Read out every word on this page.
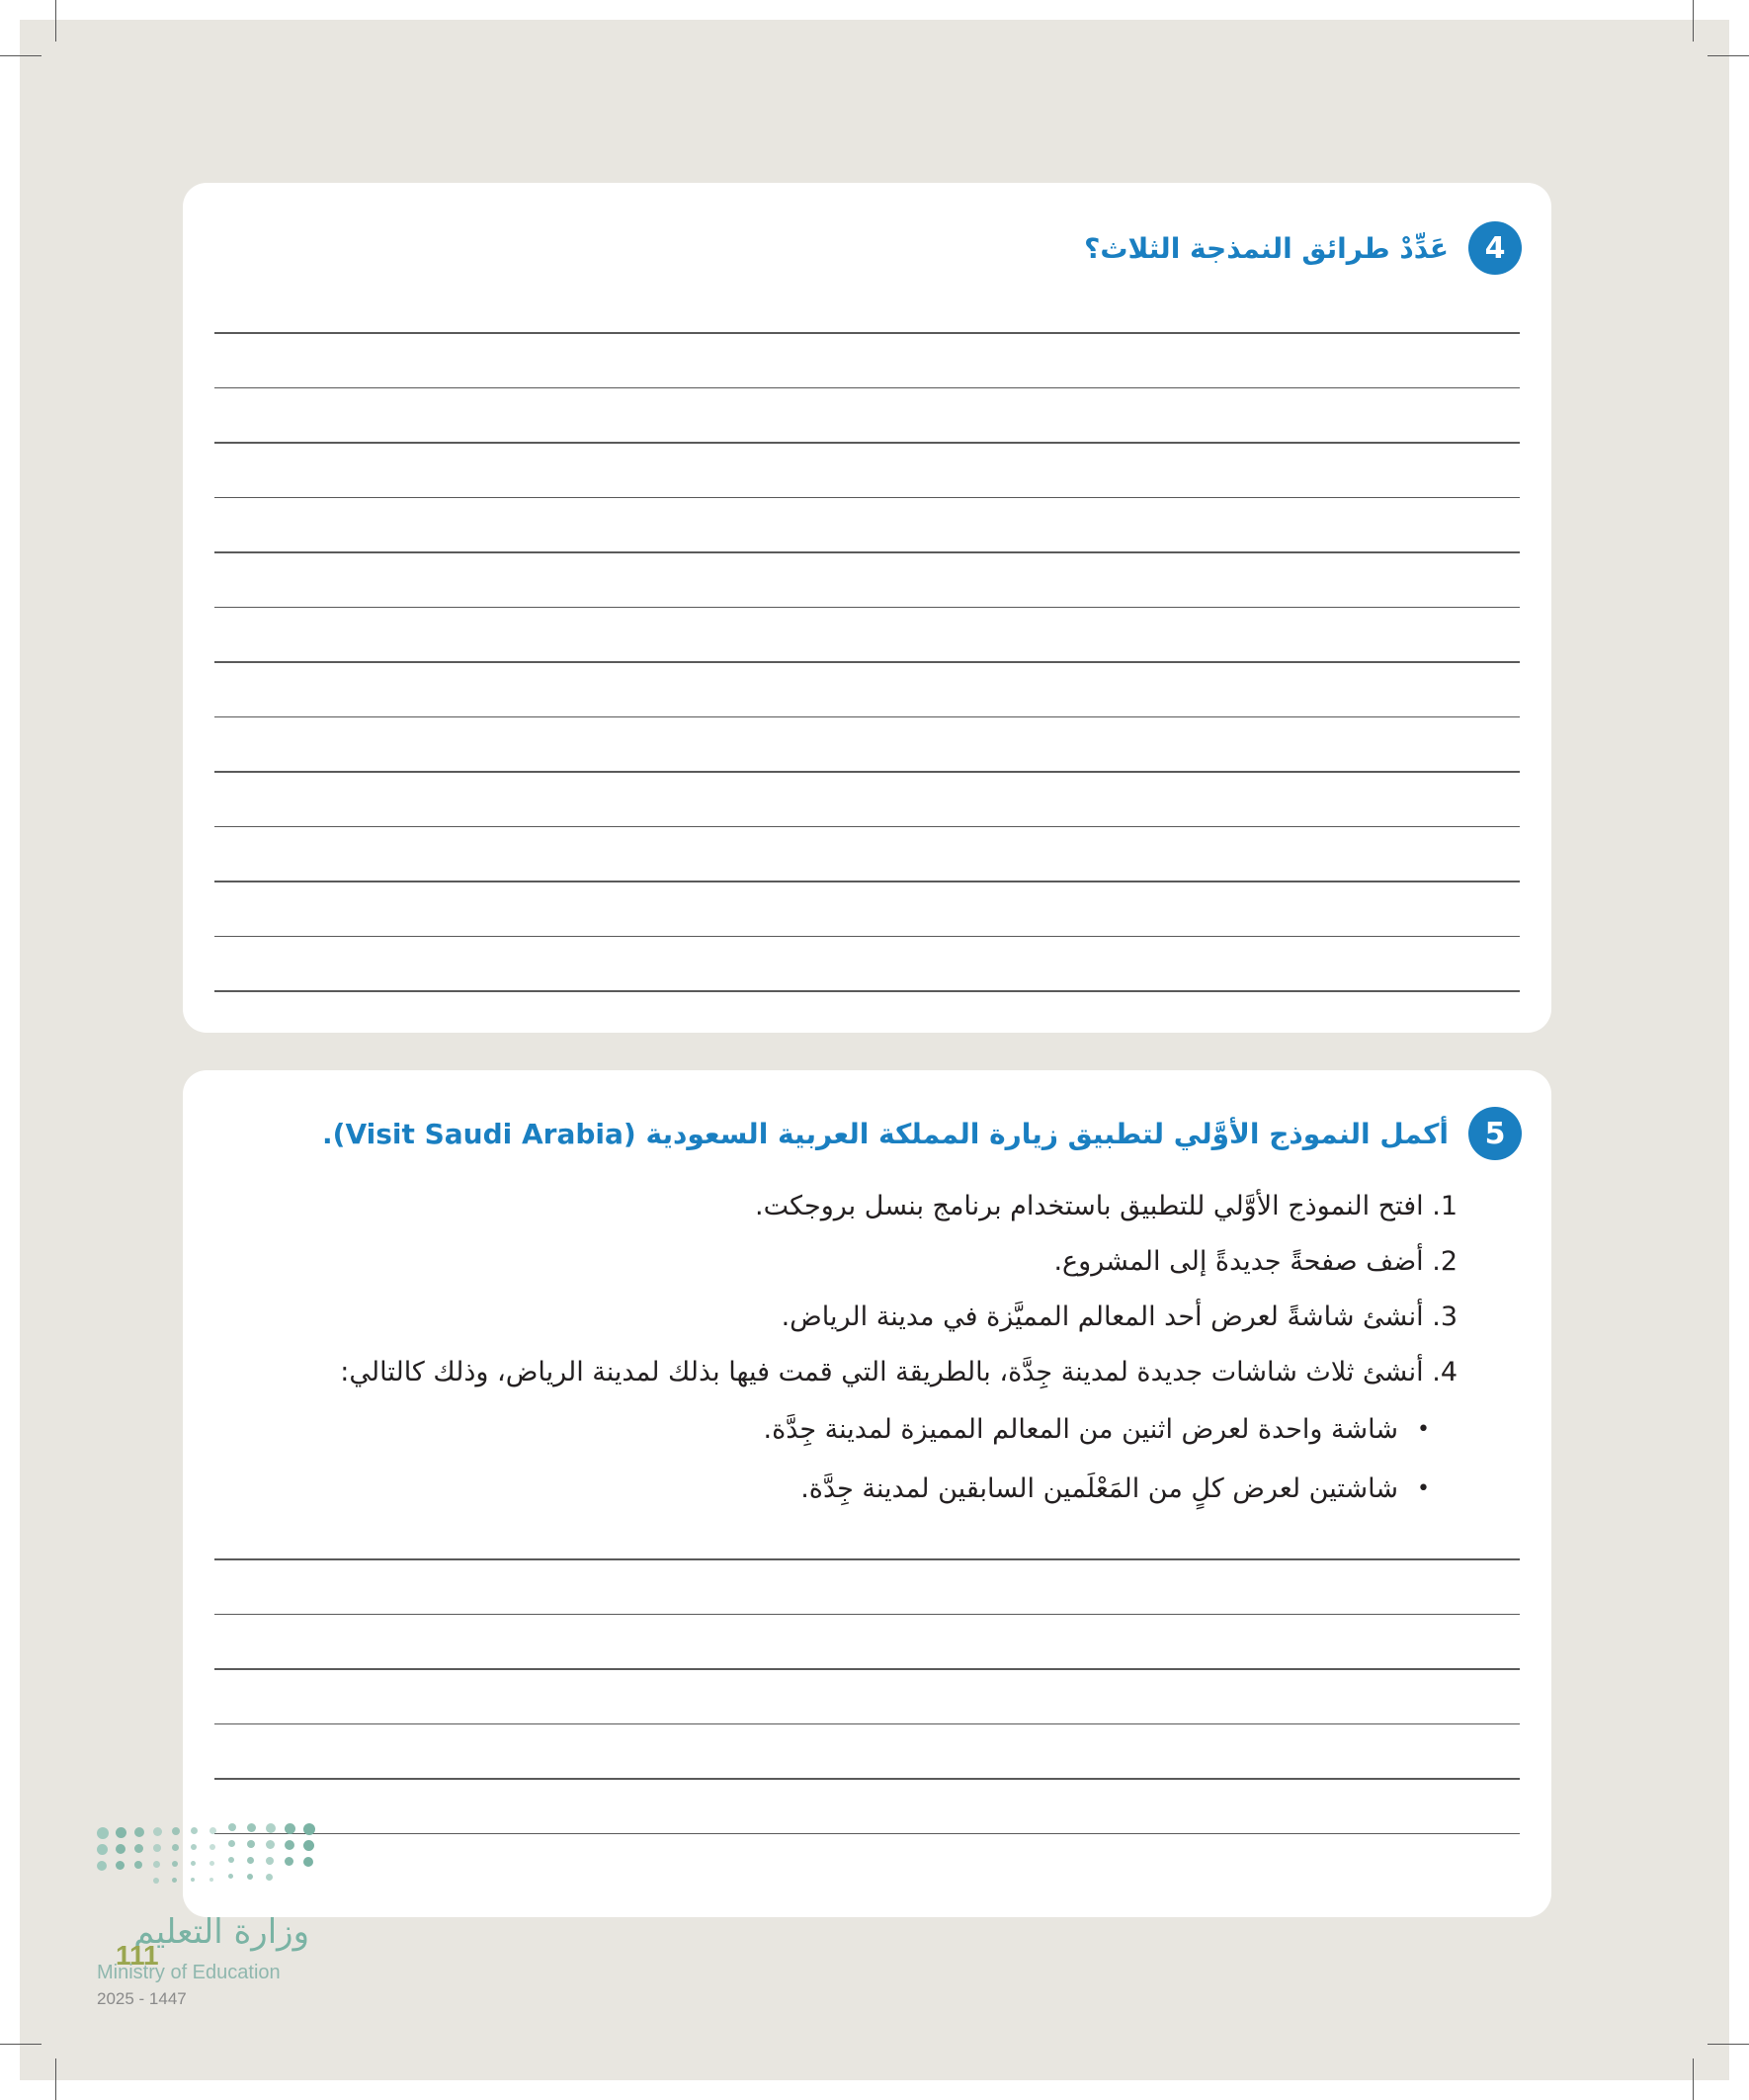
4
عَدِّدْ طرائق النمذجة الثلاث؟
5
أكمل النموذج الأوَّلي لتطبيق زيارة المملكة العربية السعودية (Visit Saudi Arabia).
1. افتح النموذج الأوَّلي للتطبيق باستخدام برنامج بنسل بروجكت.
2. أضف صفحةً جديدةً إلى المشروع.
3. أنشئ شاشةً لعرض أحد المعالم المميَّزة في مدينة الرياض.
4. أنشئ ثلاث شاشات جديدة لمدينة جِدَّة، بالطريقة التي قمت فيها بذلك لمدينة الرياض، وذلك كالتالي:
•
شاشة واحدة لعرض اثنين من المعالم المميزة لمدينة جِدَّة.
•
شاشتين لعرض كلٍ من المَعْلَمين السابقين لمدينة جِدَّة.
وزارة التعليم
111
Ministry of Education
2025 - 1447
